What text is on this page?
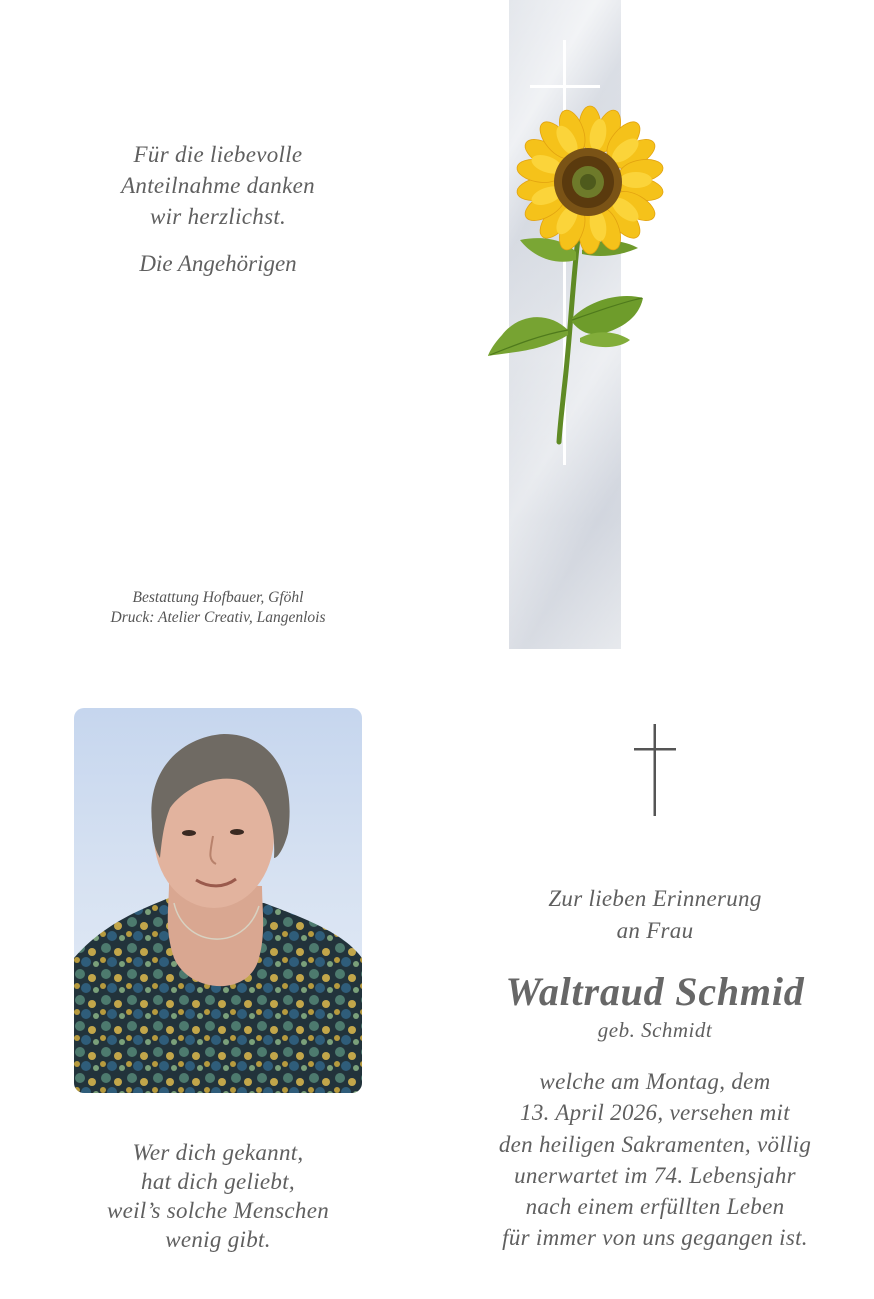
Für die liebevolle
Anteilnahme danken
wir herzlichst.
Die Angehörigen
Bestattung Hofbauer, Gföhl
Druck: Atelier Creativ, Langenlois
Wer dich gekannt,
hat dich geliebt,
weil’s solche Menschen
wenig gibt.
Zur lieben Erinnerung
an Frau
Waltraud Schmid
geb. Schmidt
welche am Montag, dem
13. April 2026, versehen mit
den heiligen Sakramenten, völlig
unerwartet im 74. Lebensjahr
nach einem erfüllten Leben
für immer von uns gegangen ist.
